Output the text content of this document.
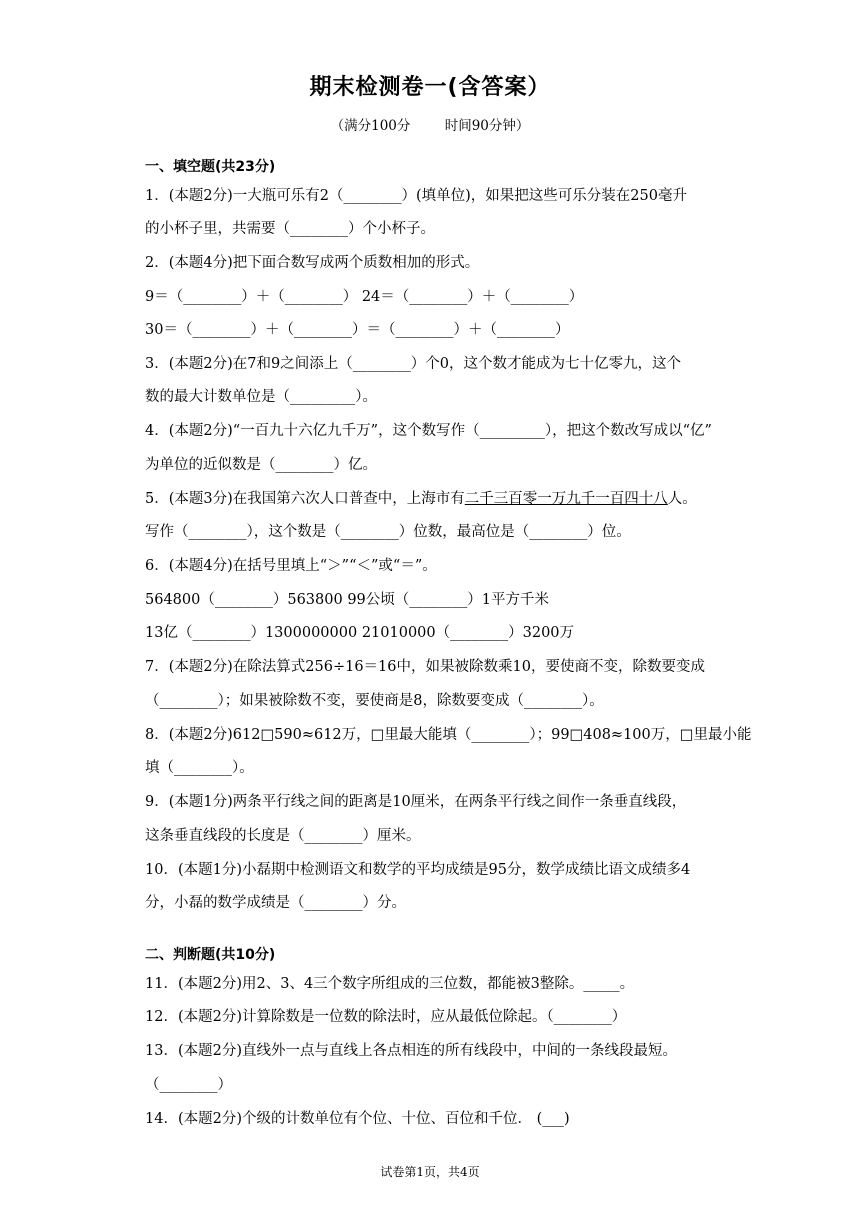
期末检测卷一(含答案）
（满分100分        时间90分钟）
一、填空题(共23分)
1．(本题2分)一大瓶可乐有2（________）(填单位)，如果把这些可乐分装在250毫升
的小杯子里，共需要（________）个小杯子。
2．(本题4分)把下面合数写成两个质数相加的形式。
9＝（________）＋（________） 24＝（________）＋（________）
30＝（________）＋（________）＝（________）＋（________）
3．(本题2分)在7和9之间添上（________）个0，这个数才能成为七十亿零九，这个
数的最大计数单位是（_________）。
4．(本题2分)“一百九十六亿九千万”，这个数写作（_________），把这个数改写成以“亿”
为单位的近似数是（________）亿。
5．(本题3分)在我国第六次人口普查中，上海市有二千三百零一万九千一百四十八人。
写作（________），这个数是（________）位数，最高位是（________）位。
6．(本题4分)在括号里填上“＞”“＜”或“＝”。
564800（________）563800 99公顷（________）1平方千米
13亿（________）1300000000 21010000（________）3200万
7．(本题2分)在除法算式256÷16＝16中，如果被除数乘10，要使商不变，除数要变成
（________）；如果被除数不变，要使商是8，除数要变成（________）。
8．(本题2分)612□590≈612万，□里最大能填（________）；99□408≈100万，□里最小能
填（________）。
9．(本题1分)两条平行线之间的距离是10厘米，在两条平行线之间作一条垂直线段，
这条垂直线段的长度是（________）厘米。
10．(本题1分)小磊期中检测语文和数学的平均成绩是95分，数学成绩比语文成绩多4
分，小磊的数学成绩是（________）分。
二、判断题(共10分)
11．(本题2分)用2、3、4三个数字所组成的三位数，都能被3整除。_____。
12．(本题2分)计算除数是一位数的除法时，应从最低位除起。（________）
13．(本题2分)直线外一点与直线上各点相连的所有线段中，中间的一条线段最短。
（________）
14．(本题2分)个级的计数单位有个位、十位、百位和千位． (___)
试卷第1页，共4页
